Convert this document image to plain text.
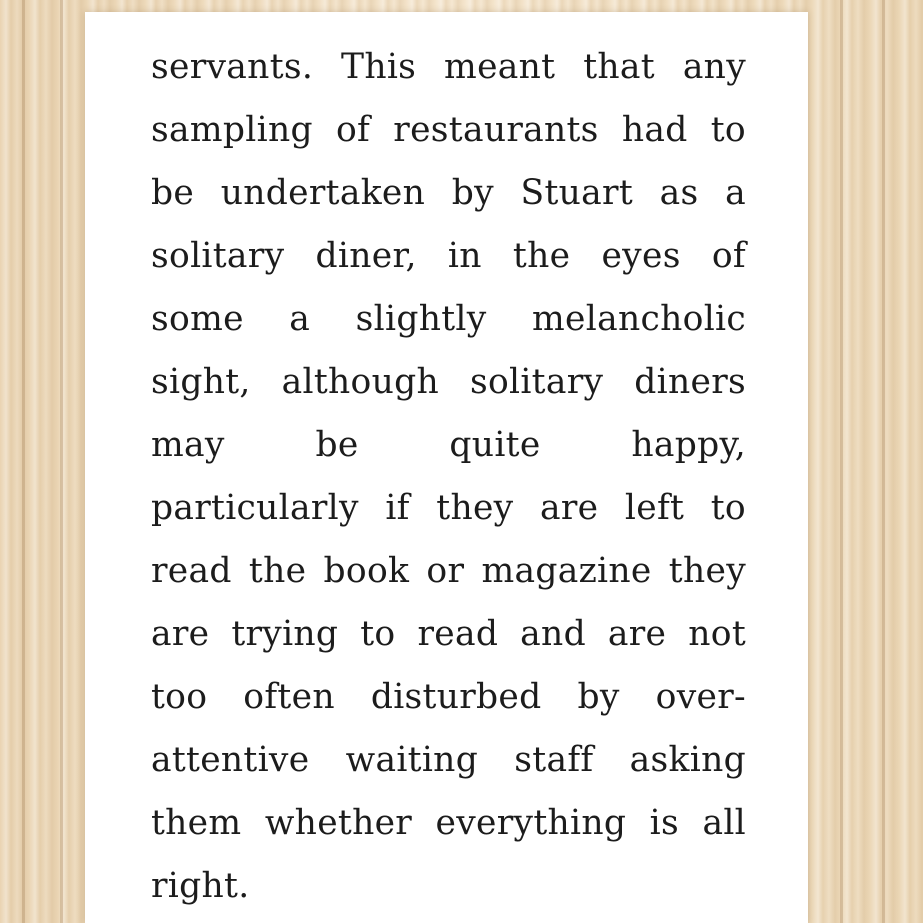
servants. This meant that any
sampling of restaurants had to
be undertaken by Stuart as a
solitary diner, in the eyes of
some a slightly melancholic
sight, although solitary diners
may be quite happy,
particularly if they are left to
read the book or magazine they
are trying to read and are not
too often disturbed by over-
attentive waiting staff asking
them whether everything is all
right.
